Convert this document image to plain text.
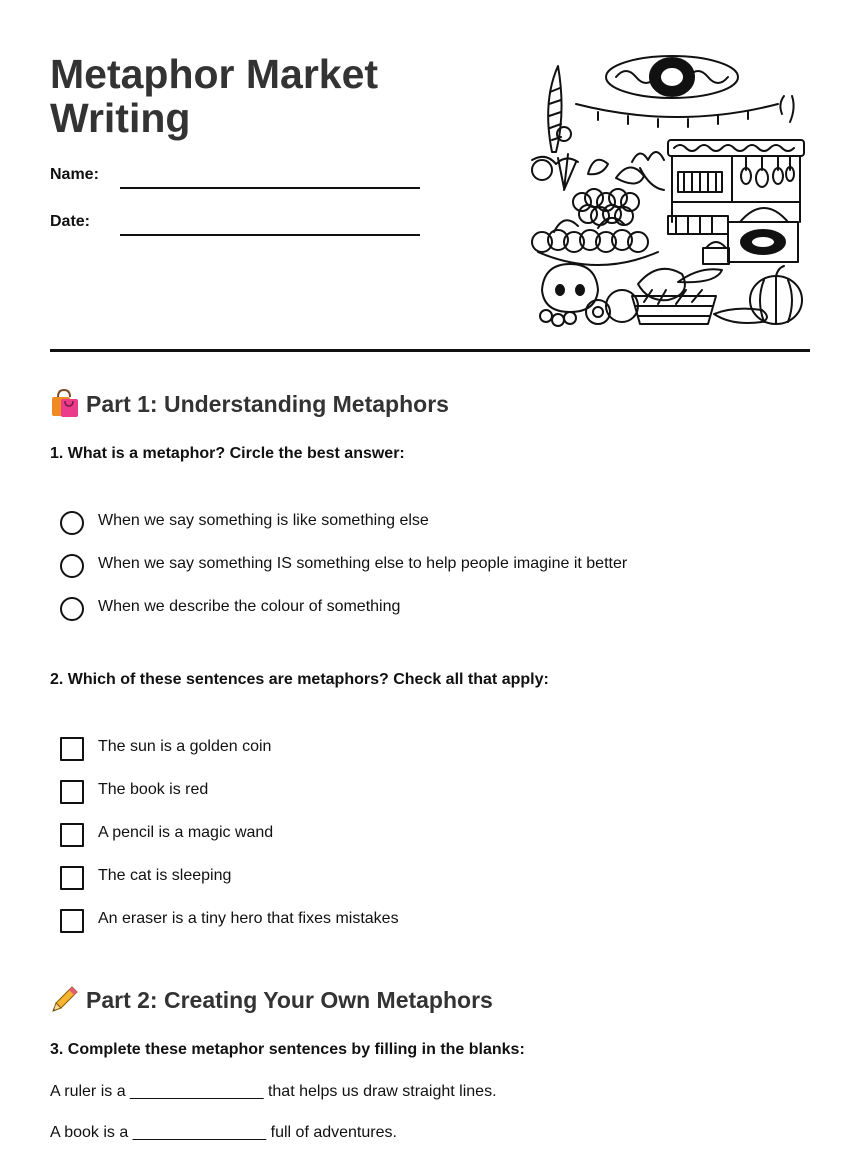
Metaphor Market Writing
Name:
Date:
Part 1: Understanding Metaphors
1. What is a metaphor? Circle the best answer:
When we say something is like something else
When we say something IS something else to help people imagine it better
When we describe the colour of something
2. Which of these sentences are metaphors? Check all that apply:
The sun is a golden coin
The book is red
A pencil is a magic wand
The cat is sleeping
An eraser is a tiny hero that fixes mistakes
Part 2: Creating Your Own Metaphors
3. Complete these metaphor sentences by filling in the blanks:
A ruler is a _______________ that helps us draw straight lines.
A book is a _______________ full of adventures.
